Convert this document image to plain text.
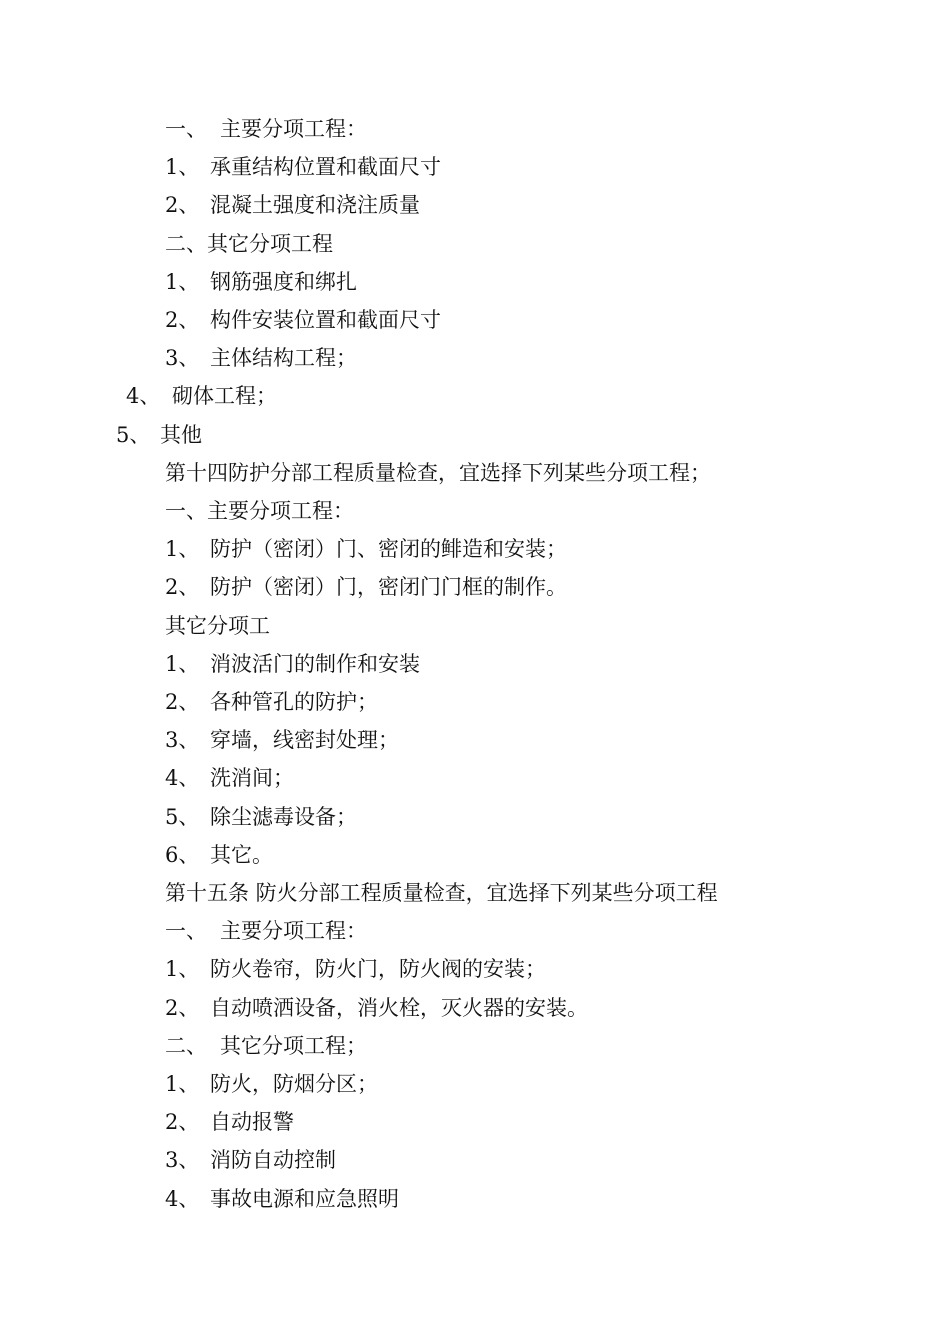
一、 主要分项工程：
1、 承重结构位置和截面尺寸
2、 混凝土强度和浇注质量
二、其它分项工程
1、 钢筋强度和绑扎
2、 构件安装位置和截面尺寸
3、 主体结构工程；
4、 砌体工程；
5、 其他
第十四防护分部工程质量检查，宜选择下列某些分项工程；
一、主要分项工程：
1、 防护（密闭）门、密闭的鲱造和安装；
2、 防护（密闭）门，密闭门门框的制作。
其它分项工
1、 消波活门的制作和安装
2、 各种管孔的防护；
3、 穿墙，线密封处理；
4、 洗消间；
5、 除尘滤毒设备；
6、 其它。
第十五条 防火分部工程质量检查，宜选择下列某些分项工程
一、 主要分项工程：
1、 防火卷帘，防火门，防火阀的安装；
2、 自动喷洒设备，消火栓，灭火器的安装。
二、 其它分项工程；
1、 防火，防烟分区；
2、 自动报警
3、 消防自动控制
4、 事故电源和应急照明
